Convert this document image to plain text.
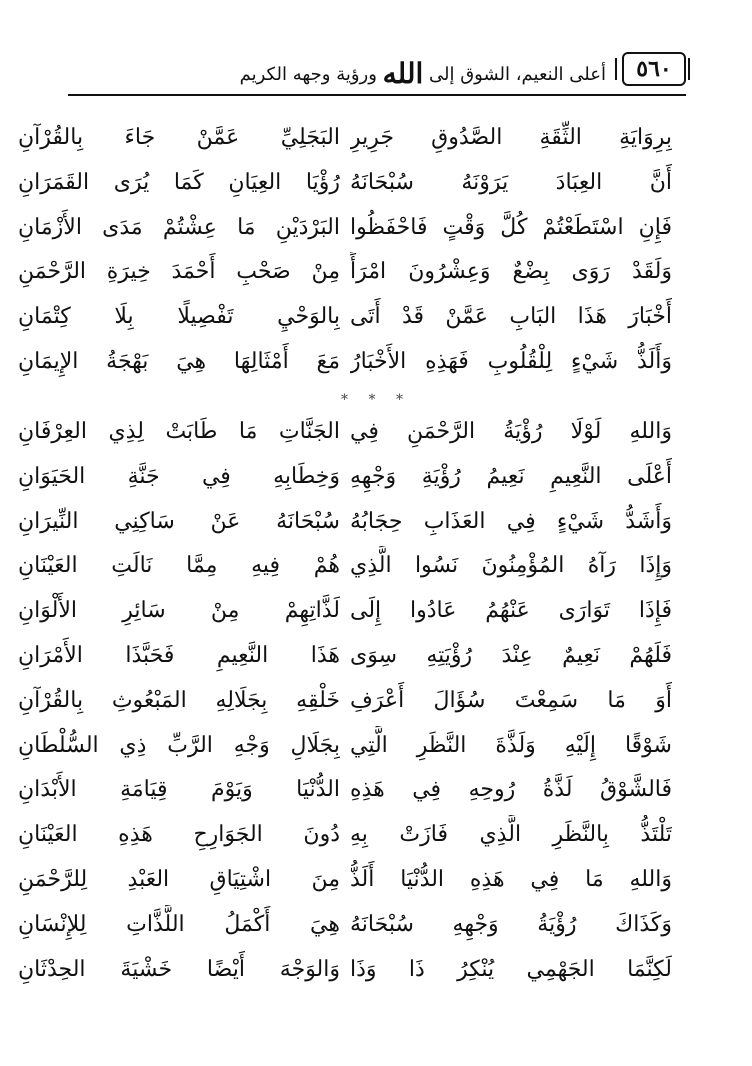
٥٦٠
أعلى النعيم، الشوق إلى الله ورؤية وجهه الكريم
بِرِوَايَةِ الثِّقَةِ الصَّدُوقِ جَرِيرِ
البَجَلِيِّ عَمَّنْ جَاءَ بِالقُرْآنِ
أَنَّ العِبَادَ يَرَوْنَهُ سُبْحَانَهُ
رُؤْيَا العِيَانِ كَمَا يُرَى القَمَرَانِ
فَإِنِ اسْتَطَعْتُمْ كُلَّ وَقْتٍ فَاحْفَظُوا
البَرْدَيْنِ مَا عِشْتُمْ مَدَى الأَزْمَانِ
وَلَقَدْ رَوَى بِضْعٌ وَعِشْرُونَ امْرَأً
مِنْ صَحْبِ أَحْمَدَ خِيرَةِ الرَّحْمَنِ
أَخْبَارَ هَذَا البَابِ عَمَّنْ قَدْ أَتَى
بِالوَحْيِ تَفْصِيلًا بِلَا كِتْمَانِ
وَأَلَذُّ شَيْءٍ لِلْقُلُوبِ فَهَذِهِ الأَخْبَارُ
مَعَ أَمْثَالِهَا هِيَ بَهْجَةُ الإِيمَانِ
* * *
وَاللهِ لَوْلَا رُؤْيَةُ الرَّحْمَنِ فِي
الجَنَّاتِ مَا طَابَتْ لِذِي العِرْفَانِ
أَعْلَى النَّعِيمِ نَعِيمُ رُؤْيَةِ وَجْهِهِ
وَخِطَابِهِ فِي جَنَّةِ الحَيَوَانِ
وَأَشَدُّ شَيْءٍ فِي العَذَابِ حِجَابُهُ
سُبْحَانَهُ عَنْ سَاكِنِي النِّيرَانِ
وَإِذَا رَآهُ المُؤْمِنُونَ نَسُوا الَّذِي
هُمْ فِيهِ مِمَّا نَالَتِ العَيْنَانِ
فَإِذَا تَوَارَى عَنْهُمُ عَادُوا إِلَى
لَذَّاتِهِمْ مِنْ سَائِرِ الأَلْوَانِ
فَلَهُمْ نَعِيمٌ عِنْدَ رُؤْيَتِهِ سِوَى
هَذَا النَّعِيمِ فَحَبَّذَا الأَمْرَانِ
أَوَ مَا سَمِعْتَ سُؤَالَ أَعْرَفِ
خَلْقِهِ بِجَلَالِهِ المَبْعُوثِ بِالقُرْآنِ
شَوْقًا إِلَيْهِ وَلَذَّةَ النَّظَرِ الَّتِي
بِجَلَالِ وَجْهِ الرَّبِّ ذِي السُّلْطَانِ
فَالشَّوْقُ لَذَّةُ رُوحِهِ فِي هَذِهِ
الدُّنْيَا وَيَوْمَ قِيَامَةِ الأَبْدَانِ
تَلْتَذُّ بِالنَّظَرِ الَّذِي فَازَتْ بِهِ
دُونَ الجَوَارِحِ هَذِهِ العَيْنَانِ
وَاللهِ مَا فِي هَذِهِ الدُّنْيَا أَلَذُّ
مِنَ اشْتِيَاقِ العَبْدِ لِلرَّحْمَنِ
وَكَذَاكَ رُؤْيَةُ وَجْهِهِ سُبْحَانَهُ
هِيَ أَكْمَلُ اللَّذَّاتِ لِلإِنْسَانِ
لَكِنَّمَا الجَهْمِي يُنْكِرُ ذَا وَذَا
وَالوَجْهَ أَيْضًا خَشْيَةَ الحِدْثَانِ
